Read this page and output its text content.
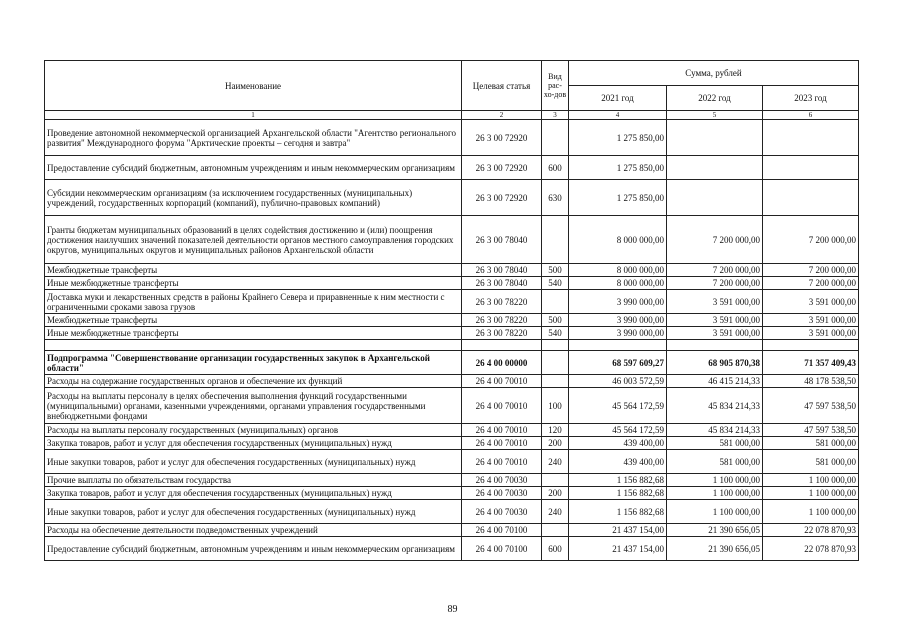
Наименование	Целевая статья	Вид рас-хо-дов	Сумма, рублей		
			2021 год	2022 год	2023 год
1	2	3	4	5	6
Проведение автономной некоммерческой организацией Архангельской области "Агентство регионального развития" Международного форума "Арктические проекты – сегодня и завтра"	26 3 00 72920		1 275 850,00		
Предоставление субсидий бюджетным, автономным учреждениям и иным некоммерческим организациям	26 3 00 72920	600	1 275 850,00		
Субсидии некоммерческим организациям (за исключением государственных (муниципальных) учреждений, государственных корпораций (компаний), публично-правовых компаний)	26 3 00 72920	630	1 275 850,00		
Гранты бюджетам муниципальных образований в целях содействия достижению и (или) поощрения достижения наилучших значений показателей деятельности органов местного самоуправления городских округов, муниципальных округов и муниципальных районов Архангельской области	26 3 00 78040		8 000 000,00	7 200 000,00	7 200 000,00
Межбюджетные трансферты	26 3 00 78040	500	8 000 000,00	7 200 000,00	7 200 000,00
Иные межбюджетные трансферты	26 3 00 78040	540	8 000 000,00	7 200 000,00	7 200 000,00
Доставка муки и лекарственных средств в районы Крайнего Севера и приравненные к ним местности с ограниченными сроками завоза грузов	26 3 00 78220		3 990 000,00	3 591 000,00	3 591 000,00
Межбюджетные трансферты	26 3 00 78220	500	3 990 000,00	3 591 000,00	3 591 000,00
Иные межбюджетные трансферты	26 3 00 78220	540	3 990 000,00	3 591 000,00	3 591 000,00

Подпрограмма "Совершенствование организации государственных закупок в Архангельской области"	26 4 00 00000		68 597 609,27	68 905 870,38	71 357 409,43
Расходы на содержание государственных органов и обеспечение их функций	26 4 00 70010		46 003 572,59	46 415 214,33	48 178 538,50
Расходы на выплаты персоналу в целях обеспечения выполнения функций государственными (муниципальными) органами, казенными учреждениями, органами управления государственными внебюджетными фондами	26 4 00 70010	100	45 564 172,59	45 834 214,33	47 597 538,50
Расходы на выплаты персоналу государственных (муниципальных) органов	26 4 00 70010	120	45 564 172,59	45 834 214,33	47 597 538,50
Закупка товаров, работ и услуг для обеспечения государственных (муниципальных) нужд	26 4 00 70010	200	439 400,00	581 000,00	581 000,00
Иные закупки товаров, работ и услуг для обеспечения государственных (муниципальных) нужд	26 4 00 70010	240	439 400,00	581 000,00	581 000,00
Прочие выплаты по обязательствам государства	26 4 00 70030		1 156 882,68	1 100 000,00	1 100 000,00
Закупка товаров, работ и услуг для обеспечения государственных (муниципальных) нужд	26 4 00 70030	200	1 156 882,68	1 100 000,00	1 100 000,00
Иные закупки товаров, работ и услуг для обеспечения государственных (муниципальных) нужд	26 4 00 70030	240	1 156 882,68	1 100 000,00	1 100 000,00
Расходы на обеспечение деятельности подведомственных учреждений	26 4 00 70100		21 437 154,00	21 390 656,05	22 078 870,93
Предоставление субсидий бюджетным, автономным учреждениям и иным некоммерческим организациям	26 4 00 70100	600	21 437 154,00	21 390 656,05	22 078 870,93
89
